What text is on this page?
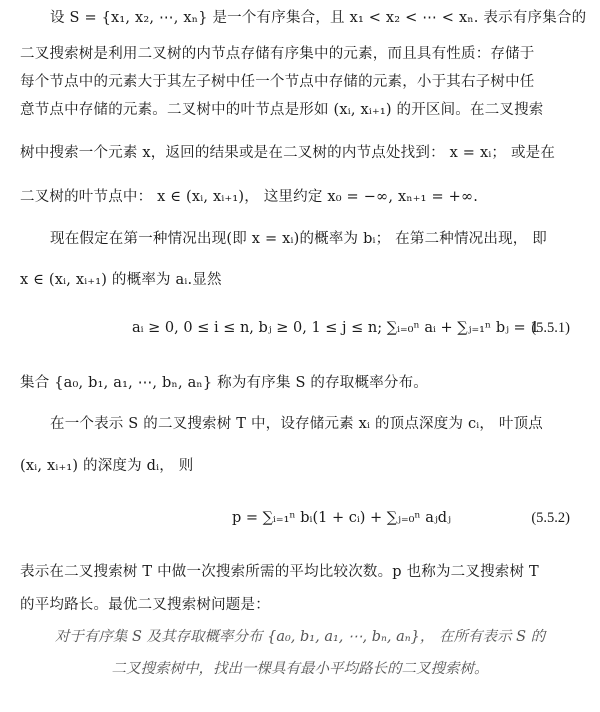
设 S = {x₁, x₂, ⋯, xₙ} 是一个有序集合，且 x₁ < x₂ < ⋯ < xₙ. 表示有序集合的
二叉搜索树是利用二叉树的内节点存储有序集中的元素，而且具有性质：存储于
每个节点中的元素大于其左子树中任一个节点中存储的元素，小于其右子树中任
意节点中存储的元素。二叉树中的叶节点是形如 (xᵢ, xᵢ₊₁) 的开区间。在二叉搜索
树中搜索一个元素 x，返回的结果或是在二叉树的内节点处找到： x = xᵢ； 或是在
二叉树的叶节点中： x ∈ (xᵢ, xᵢ₊₁)， 这里约定 x₀ = −∞, xₙ₊₁ = +∞.
现在假定在第一种情况出现(即 x = xᵢ)的概率为 bᵢ； 在第二种情况出现， 即
x ∈ (xᵢ, xᵢ₊₁) 的概率为 aᵢ.显然
aᵢ ≥ 0, 0 ≤ i ≤ n, bⱼ ≥ 0, 1 ≤ j ≤ n; ∑ᵢ₌₀ⁿ aᵢ + ∑ⱼ₌₁ⁿ bⱼ = 1
(5.5.1)
集合 {a₀, b₁, a₁, ⋯, bₙ, aₙ} 称为有序集 S 的存取概率分布。
在一个表示 S 的二叉搜索树 T 中，设存储元素 xᵢ 的顶点深度为 cᵢ， 叶顶点
(xᵢ, xᵢ₊₁) 的深度为 dᵢ， 则
p = ∑ᵢ₌₁ⁿ bᵢ(1 + cᵢ) + ∑ⱼ₌₀ⁿ aⱼdⱼ	(5.5.2)
表示在二叉搜索树 T 中做一次搜索所需的平均比较次数。p 也称为二叉搜索树 T
的平均路长。最优二叉搜索树问题是：
对于有序集 S 及其存取概率分布 {a₀, b₁, a₁, ⋯, bₙ, aₙ}， 在所有表示 S 的
二叉搜索树中，找出一棵具有最小平均路长的二叉搜索树。
